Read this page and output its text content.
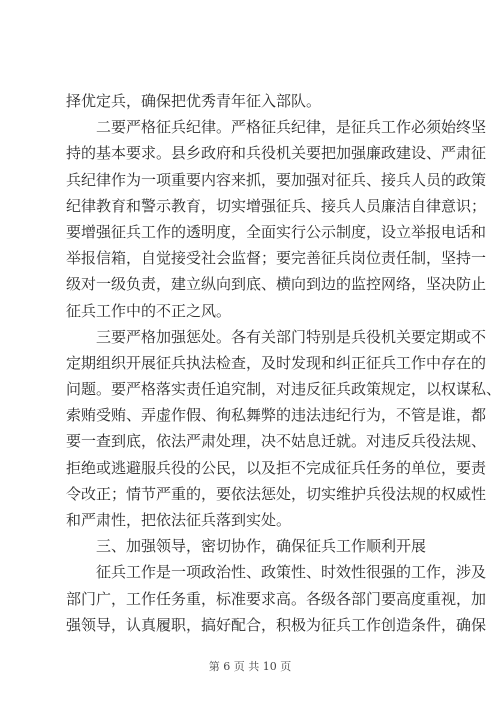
择优定兵，确保把优秀青年征入部队。
二要严格征兵纪律。严格征兵纪律，是征兵工作必须始终坚
持的基本要求。县乡政府和兵役机关要把加强廉政建设、严肃征
兵纪律作为一项重要内容来抓，要加强对征兵、接兵人员的政策
纪律教育和警示教育，切实增强征兵、接兵人员廉洁自律意识；
要增强征兵工作的透明度，全面实行公示制度，设立举报电话和
举报信箱，自觉接受社会监督；要完善征兵岗位责任制，坚持一
级对一级负责，建立纵向到底、横向到边的监控网络，坚决防止
征兵工作中的不正之风。
三要严格加强惩处。各有关部门特别是兵役机关要定期或不
定期组织开展征兵执法检查，及时发现和纠正征兵工作中存在的
问题。要严格落实责任追究制，对违反征兵政策规定，以权谋私、
索贿受贿、弄虚作假、徇私舞弊的违法违纪行为，不管是谁，都
要一查到底，依法严肃处理，决不姑息迁就。对违反兵役法规、
拒绝或逃避服兵役的公民，以及拒不完成征兵任务的单位，要责
令改正；情节严重的，要依法惩处，切实维护兵役法规的权威性
和严肃性，把依法征兵落到实处。
三、加强领导，密切协作，确保征兵工作顺利开展
征兵工作是一项政治性、政策性、时效性很强的工作，涉及
部门广，工作任务重，标准要求高。各级各部门要高度重视，加
强领导，认真履职，搞好配合，积极为征兵工作创造条件，确保
第 6 页 共 10 页
